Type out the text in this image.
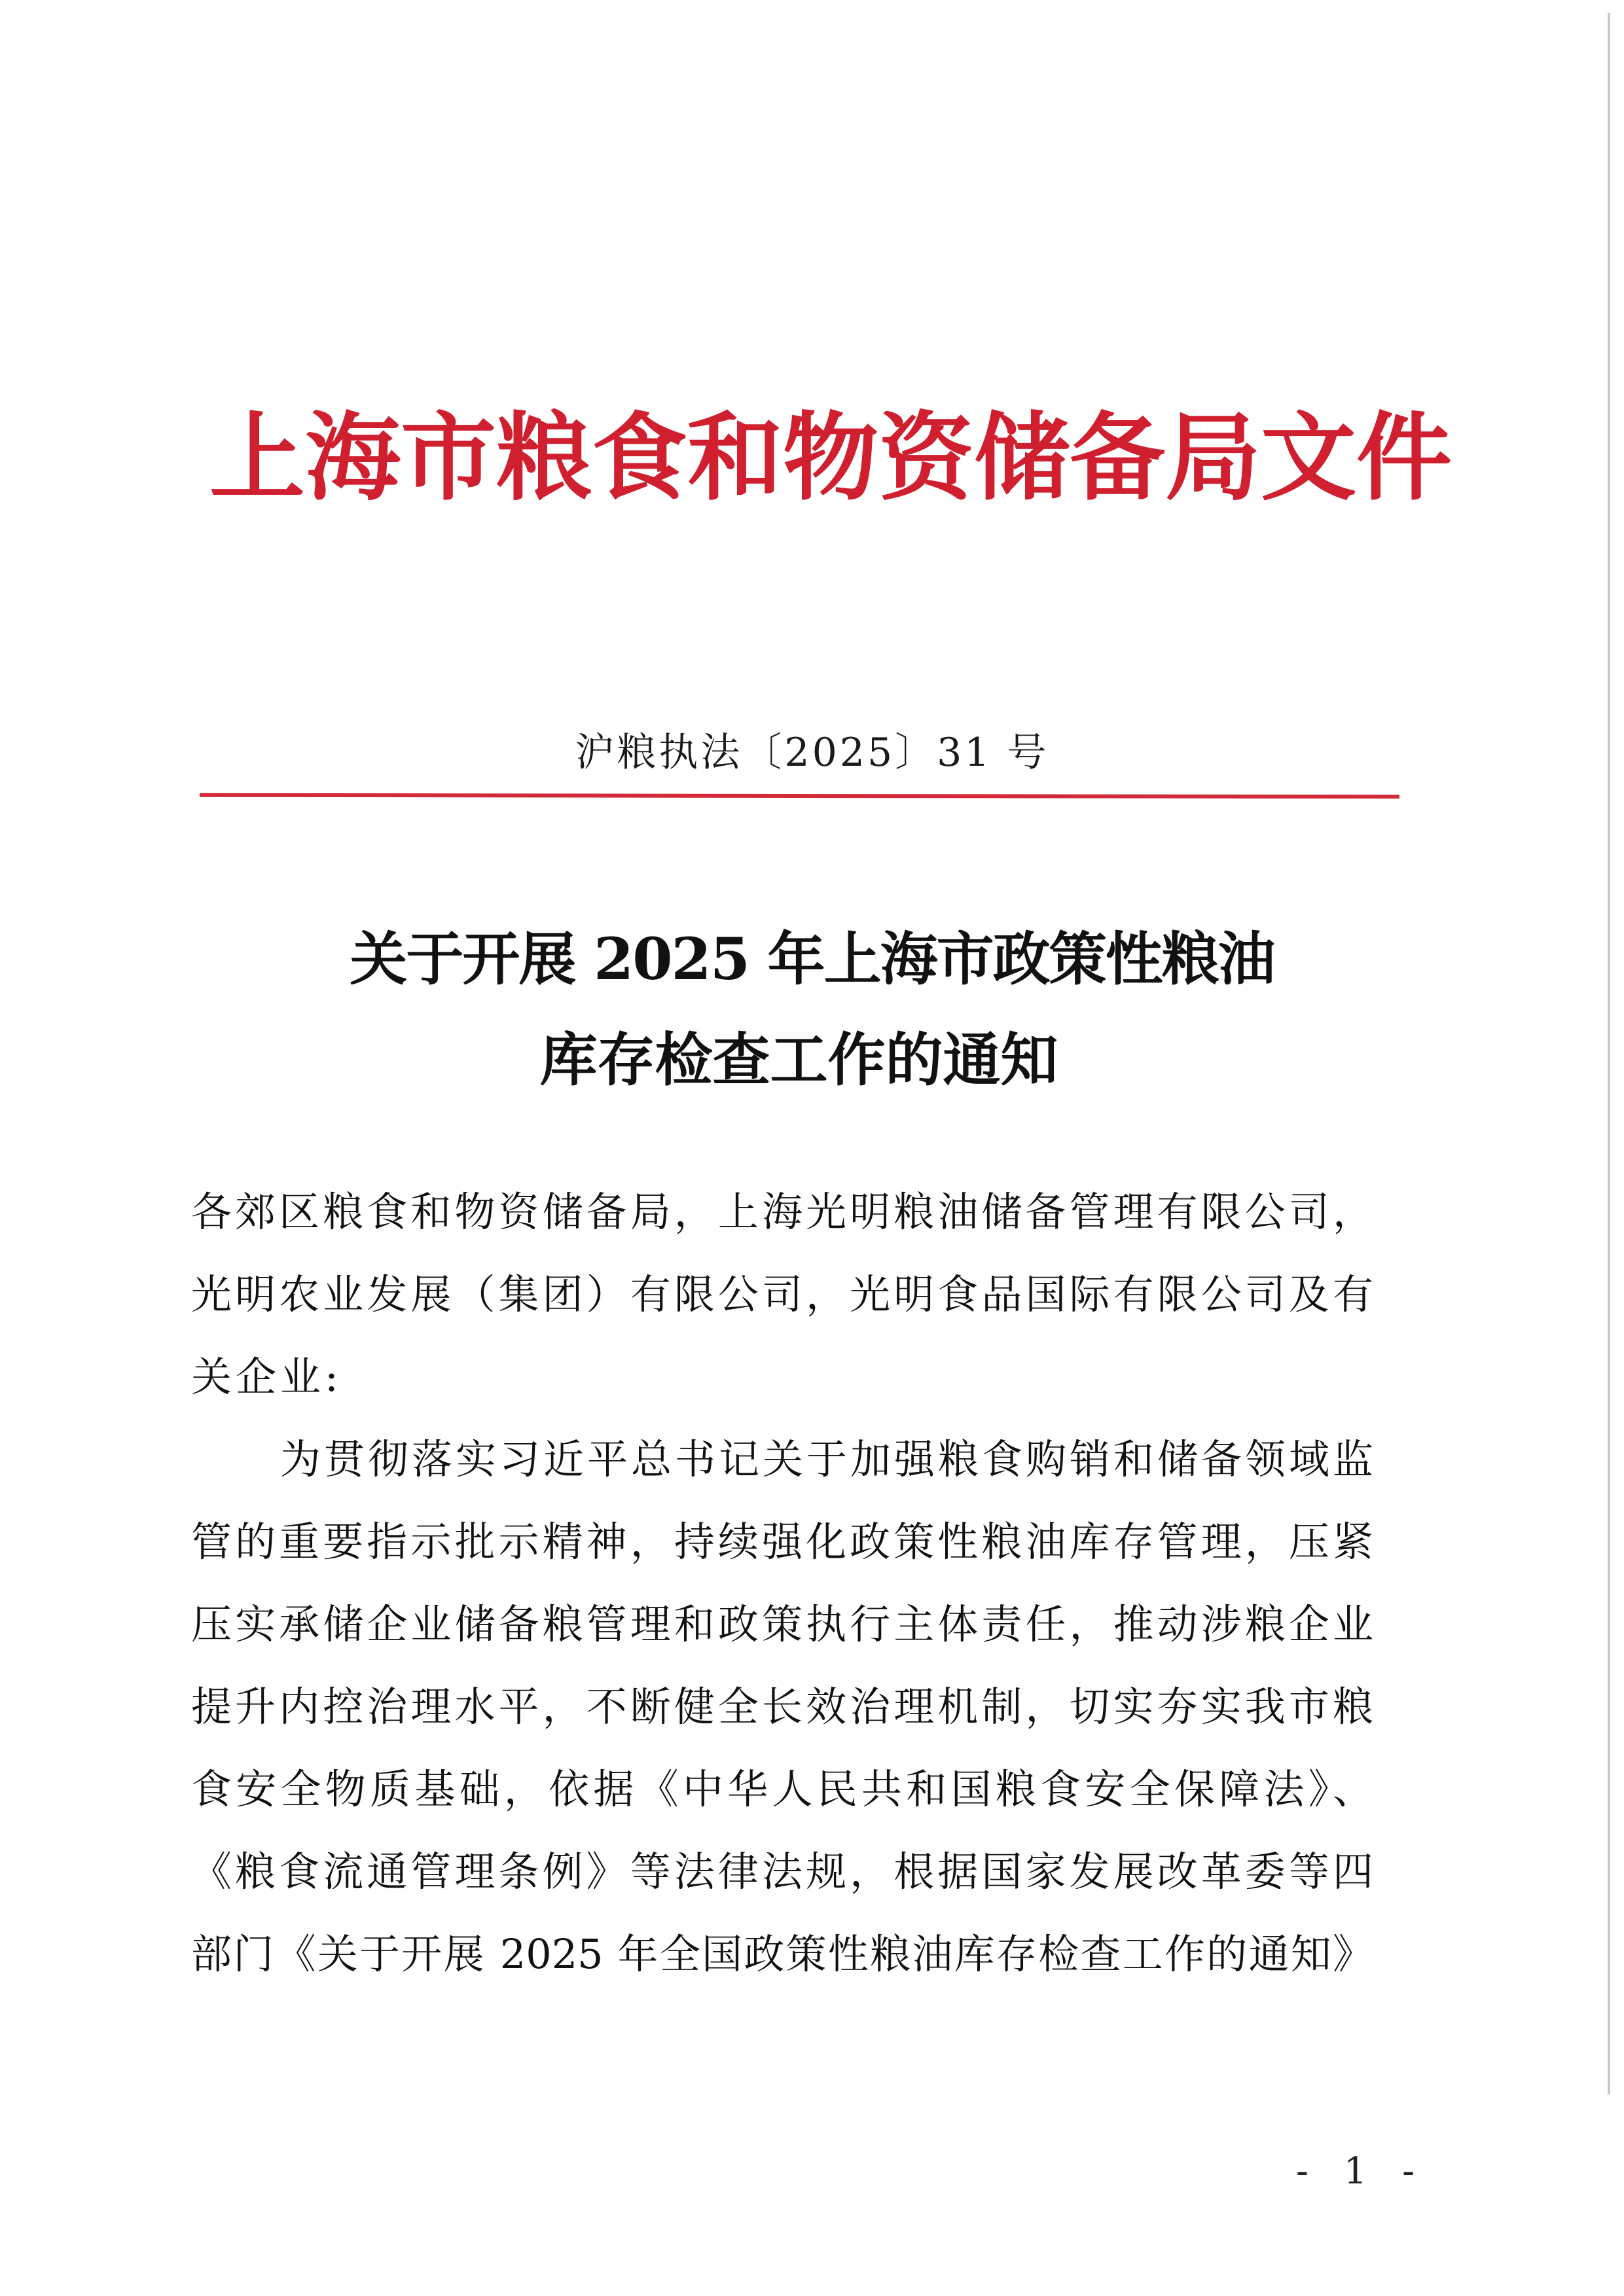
上海市粮食和物资储备局文件
沪粮执法〔2025〕31 号
关于开展 2025 年上海市政策性粮油
库存检查工作的通知
各郊区粮食和物资储备局，上海光明粮油储备管理有限公司，
光明农业发展（集团）有限公司，光明食品国际有限公司及有
关企业:
为贯彻落实习近平总书记关于加强粮食购销和储备领域监
管的重要指示批示精神，持续强化政策性粮油库存管理，压紧
压实承储企业储备粮管理和政策执行主体责任，推动涉粮企业
提升内控治理水平，不断健全长效治理机制，切实夯实我市粮
食安全物质基础，依据《中华人民共和国粮食安全保障法》、
《粮食流通管理条例》等法律法规，根据国家发展改革委等四
部门《关于开展 2025 年全国政策性粮油库存检查工作的通知》
- 1 -
